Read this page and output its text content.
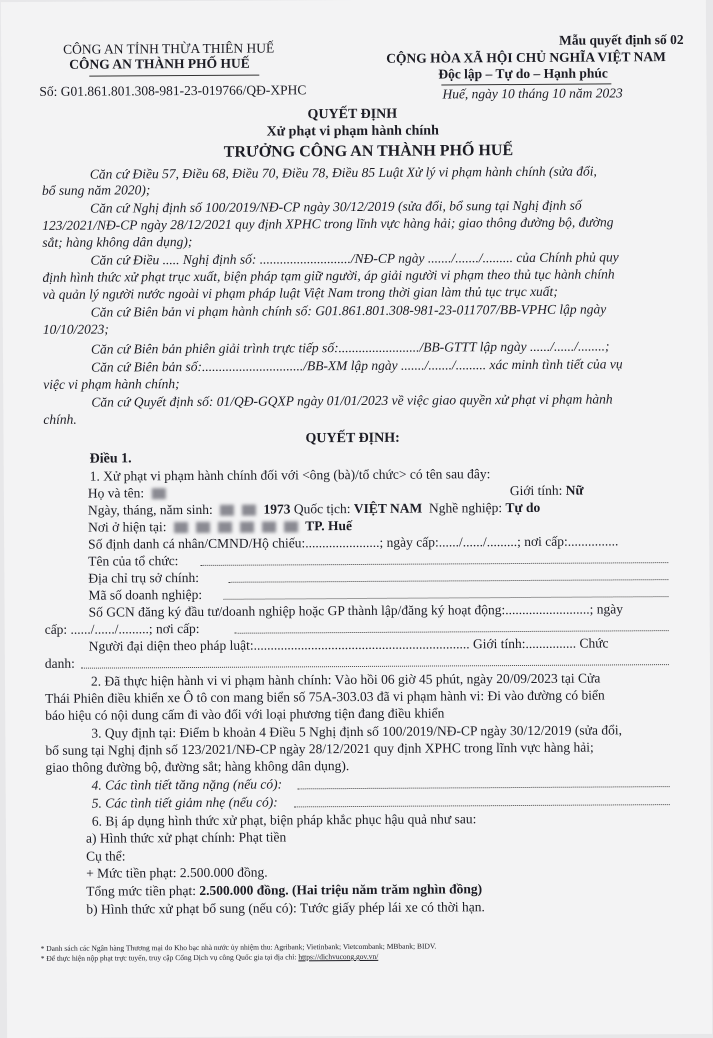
CÔNG AN TỈNH THỪA THIÊN HUẾ
CÔNG AN THÀNH PHỐ HUẾ
Số: G01.861.801.308-981-23-019766/QĐ-XPHC
Mẫu quyết định số 02
CỘNG HÒA XÃ HỘI CHỦ NGHĨA VIỆT NAM
Độc lập – Tự do – Hạnh phúc
Huế, ngày 10 tháng 10 năm 2023
QUYẾT ĐỊNH
Xử phạt vi phạm hành chính
TRƯỞNG CÔNG AN THÀNH PHỐ HUẾ
Căn cứ Điều 57, Điều 68, Điều 70, Điều 78, Điều 85 Luật Xử lý vi phạm hành chính (sửa đổi,
bổ sung năm 2020);
Căn cứ Nghị định số 100/2019/NĐ-CP ngày 30/12/2019 (sửa đổi, bổ sung tại Nghị định số
123/2021/NĐ-CP ngày 28/12/2021 quy định XPHC trong lĩnh vực hàng hải; giao thông đường bộ, đường
sắt; hàng không dân dụng);
Căn cứ Điều ..... Nghị định số: .........................../NĐ-CP ngày ......./......./......... của Chính phủ quy
định hình thức xử phạt trục xuất, biện pháp tạm giữ người, áp giải người vi phạm theo thủ tục hành chính
và quản lý người nước ngoài vi phạm pháp luật Việt Nam trong thời gian làm thủ tục trục xuất;
Căn cứ Biên bản vi phạm hành chính số: G01.861.801.308-981-23-011707/BB-VPHC lập ngày
10/10/2023;
Căn cứ Biên bản phiên giải trình trực tiếp số:......................../BB-GTTT lập ngày ....../....../........;
Căn cứ Biên bản số:............................../BB-XM lập ngày ......./......./......... xác minh tình tiết của vụ
việc vi phạm hành chính;
Căn cứ Quyết định số: 01/QĐ-GQXP ngày 01/01/2023 về việc giao quyền xử phạt vi phạm hành
chính.
QUYẾT ĐỊNH:
Điều 1.
1. Xử phạt vi phạm hành chính đối với <ông (bà)/tổ chức> có tên sau đây:
Họ và tên:	Giới tính: Nữ
Ngày, tháng, năm sinh:	1973 Quốc tịch: VIỆT NAM Nghề nghiệp: Tự do
Nơi ở hiện tại:	TP. Huế
Số định danh cá nhân/CMND/Hộ chiếu:......................; ngày cấp:....../....../.........; nơi cấp:...............
Tên của tổ chức:
Địa chỉ trụ sở chính:
Mã số doanh nghiệp:
Số GCN đăng ký đầu tư/doanh nghiệp hoặc GP thành lập/đăng ký hoạt động:.........................; ngày
cấp: ....../....../.........; nơi cấp:
Người đại diện theo pháp luật:................................................................ Giới tính:............... Chức
danh:
2. Đã thực hiện hành vi vi phạm hành chính: Vào hồi 06 giờ 45 phút, ngày 20/09/2023 tại Cửa
Thái Phiên điều khiển xe Ô tô con mang biển số 75A-303.03 đã vi phạm hành vi: Đi vào đường có biển
báo hiệu có nội dung cấm đi vào đối với loại phương tiện đang điều khiển
3. Quy định tại: Điểm b khoản 4 Điều 5 Nghị định số 100/2019/NĐ-CP ngày 30/12/2019 (sửa đổi,
bổ sung tại Nghị định số 123/2021/NĐ-CP ngày 28/12/2021 quy định XPHC trong lĩnh vực hàng hải;
giao thông đường bộ, đường sắt; hàng không dân dụng).
4. Các tình tiết tăng nặng (nếu có):
5. Các tình tiết giảm nhẹ (nếu có):
6. Bị áp dụng hình thức xử phạt, biện pháp khắc phục hậu quả như sau:
a) Hình thức xử phạt chính: Phạt tiền
Cụ thể:
+ Mức tiền phạt: 2.500.000 đồng.
Tổng mức tiền phạt: 2.500.000 đồng. (Hai triệu năm trăm nghìn đồng)
b) Hình thức xử phạt bổ sung (nếu có): Tước giấy phép lái xe có thời hạn.
* Danh sách các Ngân hàng Thương mại do Kho bạc nhà nước ủy nhiệm thu: Agribank; Vietinbank; Vietcombank; MBbank; BIDV.
* Để thực hiện nộp phạt trực tuyến, truy cập Cổng Dịch vụ công Quốc gia tại địa chỉ: https://dichvucong.gov.vn/
